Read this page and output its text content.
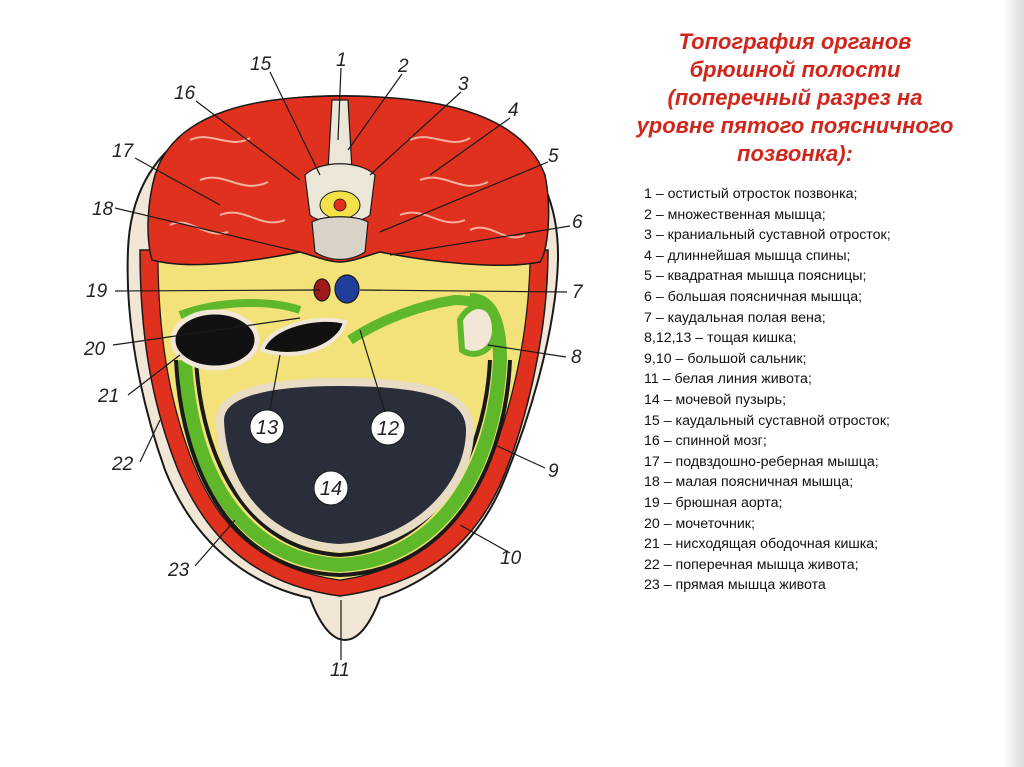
Топография органов
брюшной полости
(поперечный разрез на
уровне пятого поясничного
позвонка):
1 – остистый отросток позвонка;
2 – множественная мышца;
3 – краниальный суставной отросток;
4 – длиннейшая мышца спины;
5 – квадратная мышца поясницы;
6 – большая поясничная мышца;
7 – каудальная полая вена;
8,12,13 – тощая кишка;
9,10 – большой сальник;
11 – белая линия живота;
14 – мочевой пузырь;
15 – каудальный суставной отросток;
16 – спинной мозг;
17 – подвздошно-реберная мышца;
18 – малая поясничная мышца;
19 – брюшная аорта;
20 – мочеточник;
21 – нисходящая ободочная кишка;
22 – поперечная мышца живота;
23 – прямая мышца живота
13	12
14
1	2
3
4
5
6
7
8
9
10
11
15
16
17
18
19
20
21
22
23
